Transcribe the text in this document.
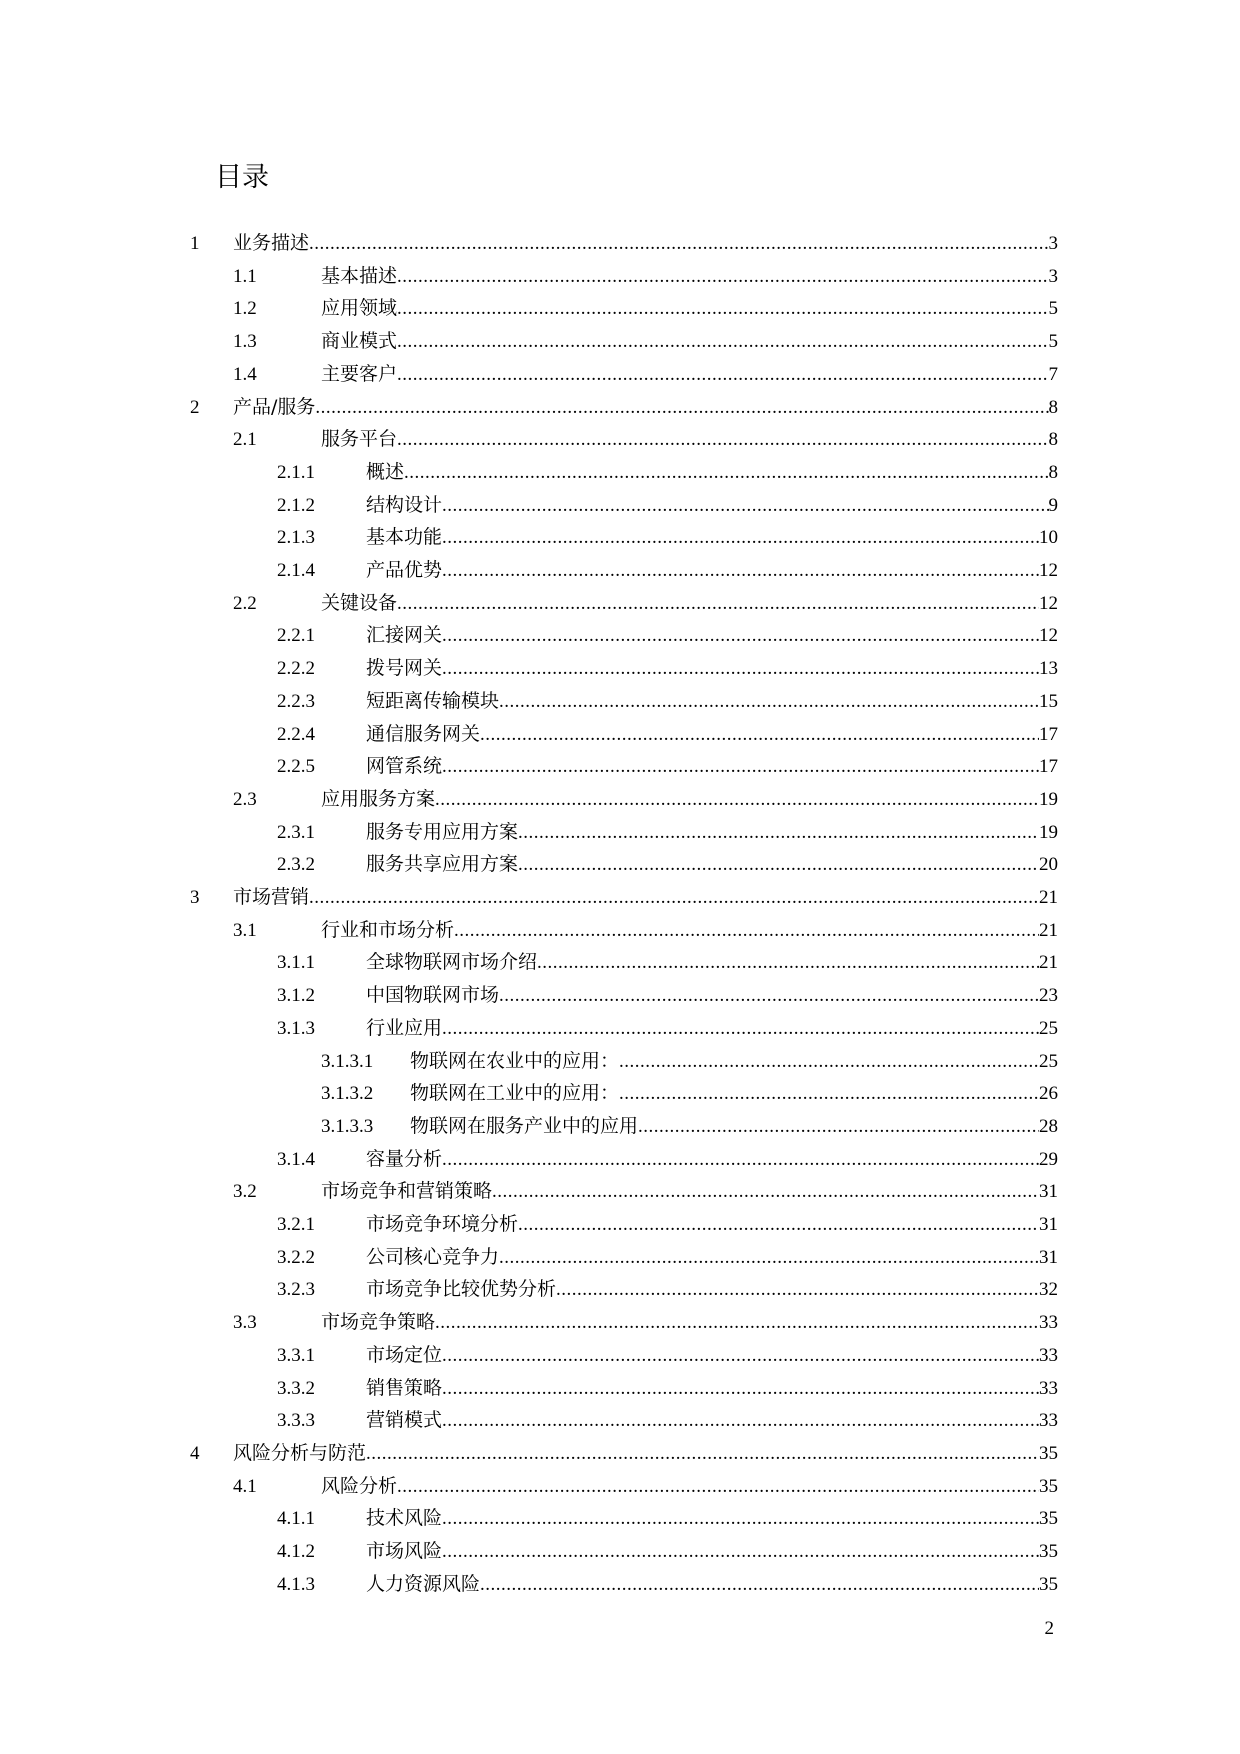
目录
1	业务描述 .....	3
1.1	基本描述 .....	3
1.2	应用领域 .....	5
1.3	商业模式 .....	5
1.4	主要客户 .....	7
2	产品/服务 .....	8
2.1	服务平台 .....	8
2.1.1	概述 .....	8
2.1.2	结构设计 .....	9
2.1.3	基本功能 .....	10
2.1.4	产品优势 .....	12
2.2	关键设备 .....	12
2.2.1	汇接网关 .....	12
2.2.2	拨号网关 .....	13
2.2.3	短距离传输模块 .....	15
2.2.4	通信服务网关 .....	17
2.2.5	网管系统 .....	17
2.3	应用服务方案 .....	19
2.3.1	服务专用应用方案 .....	19
2.3.2	服务共享应用方案 .....	20
3	市场营销 .....	21
3.1	行业和市场分析 .....	21
3.1.1	全球物联网市场介绍 .....	21
3.1.2	中国物联网市场 .....	23
3.1.3	行业应用 .....	25
3.1.3.1	物联网在农业中的应用： .....	25
3.1.3.2	物联网在工业中的应用： .....	26
3.1.3.3	物联网在服务产业中的应用 .....	28
3.1.4	容量分析 .....	29
3.2	市场竞争和营销策略 .....	31
3.2.1	市场竞争环境分析 .....	31
3.2.2	公司核心竞争力 .....	31
3.2.3	市场竞争比较优势分析 .....	32
3.3	市场竞争策略 .....	33
3.3.1	市场定位 .....	33
3.3.2	销售策略 .....	33
3.3.3	营销模式 .....	33
4	风险分析与防范 .....	35
4.1	风险分析 .....	35
4.1.1	技术风险 .....	35
4.1.2	市场风险 .....	35
4.1.3	人力资源风险 .....	35
2
